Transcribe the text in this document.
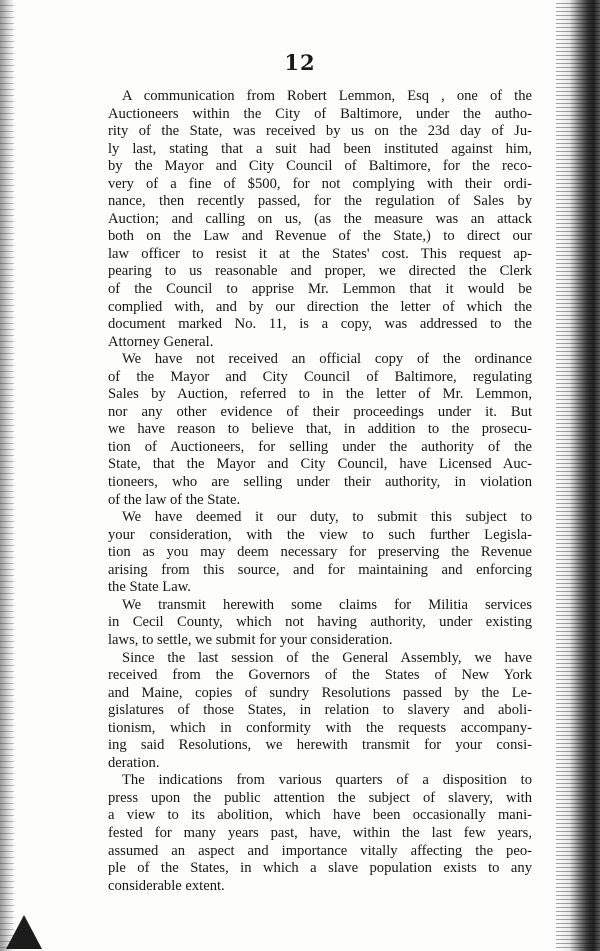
12
A communication from Robert Lemmon, Esq , one of the
Auctioneers within the City of Baltimore, under the autho-
rity of the State, was received by us on the 23d day of Ju-
ly last, stating that a suit had been instituted against him,
by the Mayor and City Council of Baltimore, for the reco-
very of a fine of $500, for not complying with their ordi-
nance, then recently passed, for the regulation of Sales by
Auction; and calling on us, (as the measure was an attack
both on the Law and Revenue of the State,) to direct our
law officer to resist it at the States' cost. This request ap-
pearing to us reasonable and proper, we directed the Clerk
of the Council to apprise Mr. Lemmon that it would be
complied with, and by our direction the letter of which the
document marked No. 11, is a copy, was addressed to the
Attorney General.
We have not received an official copy of the ordinance
of the Mayor and City Council of Baltimore, regulating
Sales by Auction, referred to in the letter of Mr. Lemmon,
nor any other evidence of their proceedings under it. But
we have reason to believe that, in addition to the prosecu-
tion of Auctioneers, for selling under the authority of the
State, that the Mayor and City Council, have Licensed Auc-
tioneers, who are selling under their authority, in violation
of the law of the State.
We have deemed it our duty, to submit this subject to
your consideration, with the view to such further Legisla-
tion as you may deem necessary for preserving the Revenue
arising from this source, and for maintaining and enforcing
the State Law.
We transmit herewith some claims for Militia services
in Cecil County, which not having authority, under existing
laws, to settle, we submit for your consideration.
Since the last session of the General Assembly, we have
received from the Governors of the States of New York
and Maine, copies of sundry Resolutions passed by the Le-
gislatures of those States, in relation to slavery and aboli-
tionism, which in conformity with the requests accompany-
ing said Resolutions, we herewith transmit for your consi-
deration.
The indications from various quarters of a disposition to
press upon the public attention the subject of slavery, with
a view to its abolition, which have been occasionally mani-
fested for many years past, have, within the last few years,
assumed an aspect and importance vitally affecting the peo-
ple of the States, in which a slave population exists to any
considerable extent.
